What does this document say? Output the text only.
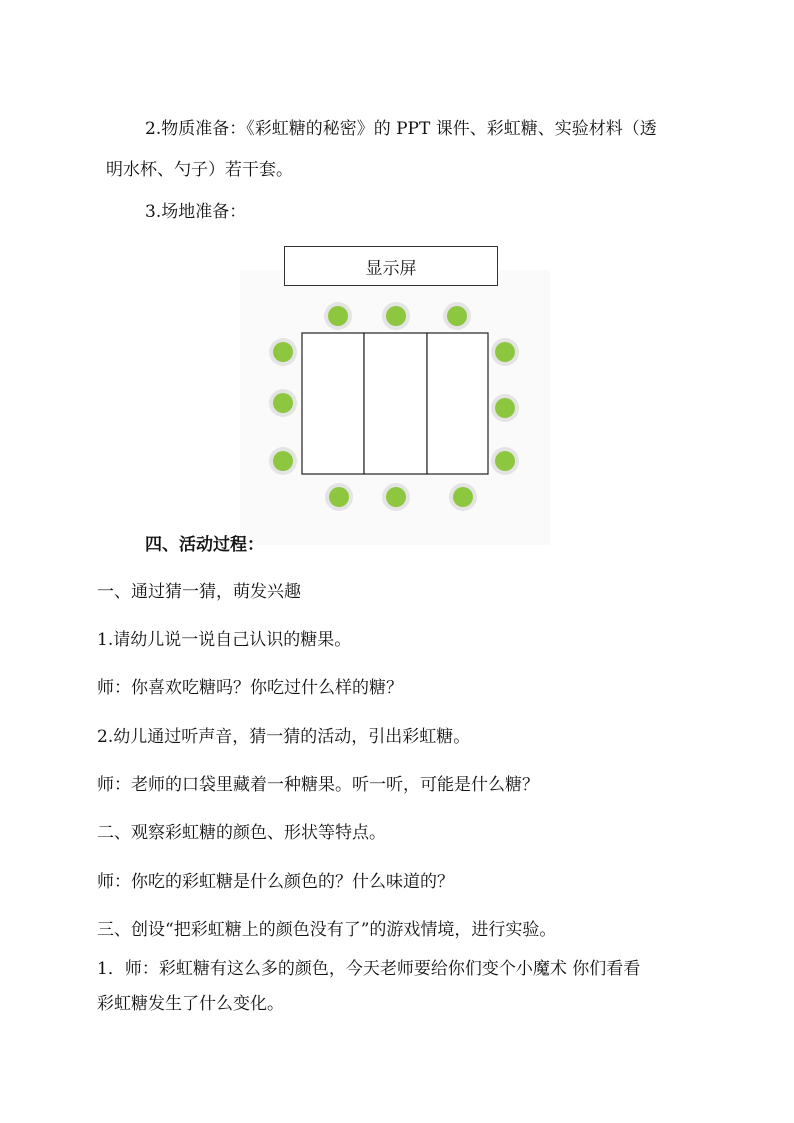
2.物质准备：《彩虹糖的秘密》的 PPT 课件、彩虹糖、实验材料（透
明水杯、勺子）若干套。
3.场地准备：
显示屏
四、活动过程：
一、通过猜一猜，萌发兴趣
1.请幼儿说一说自己认识的糖果。
师：你喜欢吃糖吗？你吃过什么样的糖？
2.幼儿通过听声音，猜一猜的活动，引出彩虹糖。
师：老师的口袋里藏着一种糖果。听一听，可能是什么糖？
二、观察彩虹糖的颜色、形状等特点。
师：你吃的彩虹糖是什么颜色的？什么味道的？
三、创设“把彩虹糖上的颜色没有了”的游戏情境，进行实验。
1．师：彩虹糖有这么多的颜色，今天老师要给你们变个小魔术 你们看看
彩虹糖发生了什么变化。
